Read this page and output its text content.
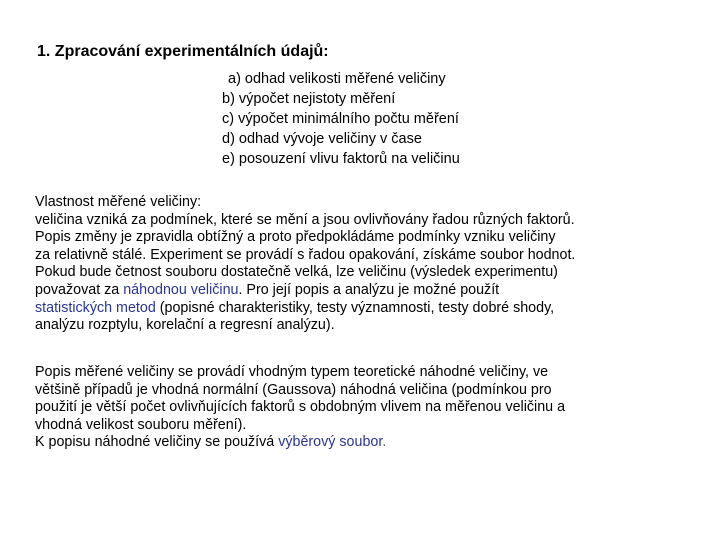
1. Zpracování experimentálních údajů:
a) odhad velikosti měřené veličiny
b) výpočet nejistoty měření
c) výpočet minimálního počtu měření
d) odhad vývoje veličiny v čase
e) posouzení vlivu faktorů na veličinu
Vlastnost měřené veličiny:
veličina vzniká za podmínek, které se mění a jsou ovlivňovány řadou různých faktorů.
Popis změny je zpravidla obtížný a proto předpokládáme podmínky vzniku veličiny
za relativně stálé. Experiment se provádí s řadou opakování, získáme soubor hodnot.
Pokud bude četnost souboru dostatečně velká, lze veličinu (výsledek experimentu)
považovat za náhodnou veličinu. Pro její popis a analýzu je možné použít
statistických metod (popisné charakteristiky, testy významnosti, testy dobré shody,
analýzu rozptylu, korelační a regresní analýzu).
Popis měřené veličiny se provádí vhodným typem teoretické náhodné veličiny, ve
většině případů je vhodná normální (Gaussova) náhodná veličina (podmínkou pro
použití je větší počet ovlivňujících faktorů s obdobným vlivem na měřenou veličinu a
vhodná velikost souboru měření).
K popisu náhodné veličiny se používá výběrový soubor.
